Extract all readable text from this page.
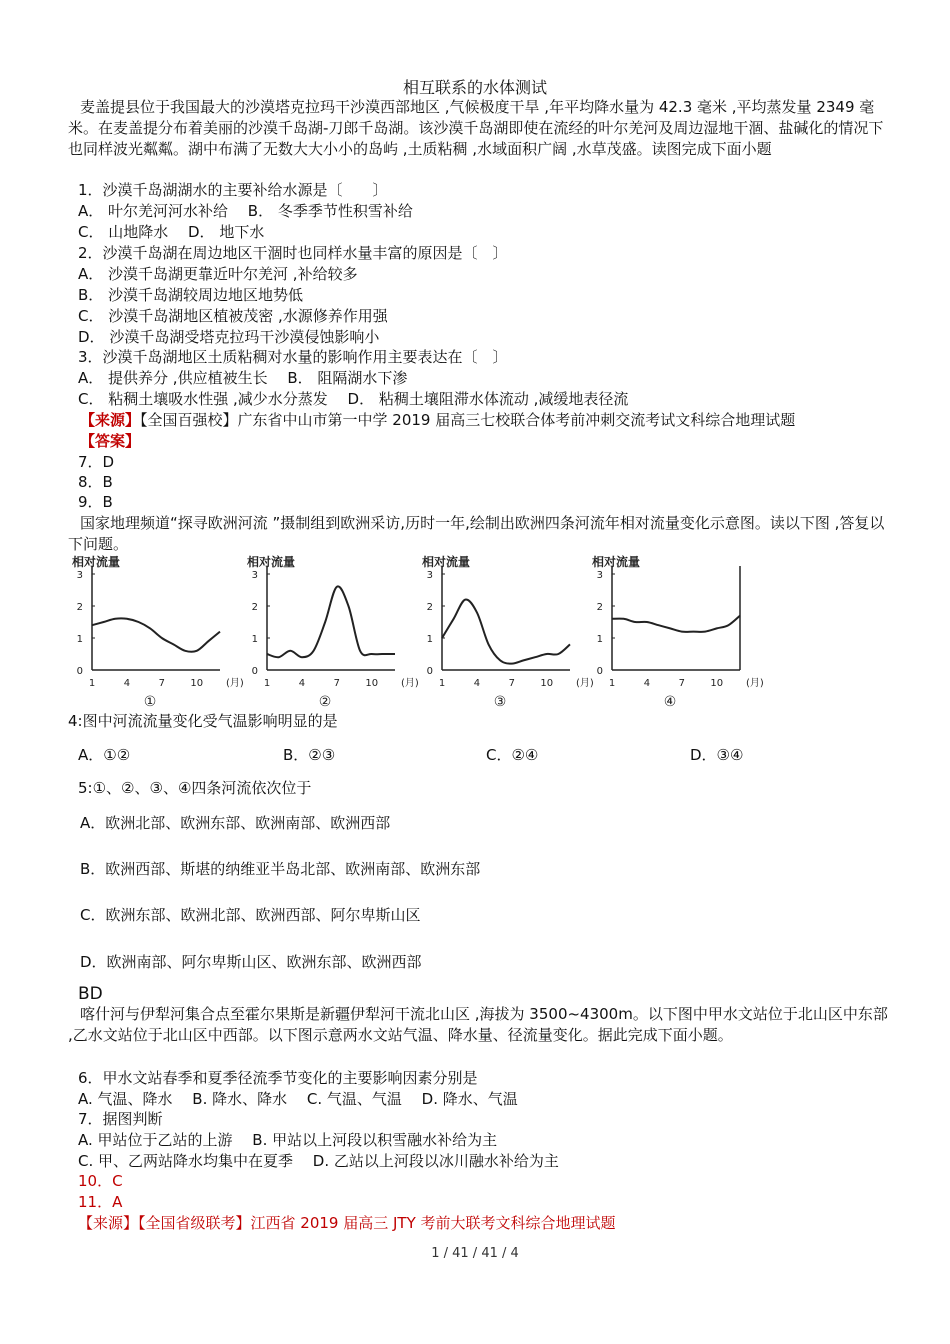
相互联系的水体测试
麦盖提县位于我国最大的沙漠塔克拉玛干沙漠西部地区 ,气候极度干旱 ,年平均降水量为 42.3 毫米 ,平均蒸发量 2349 毫米。在麦盖提分布着美丽的沙漠千岛湖-刀郎千岛湖。该沙漠千岛湖即使在流经的叶尔羌河及周边湿地干涸、盐碱化的情况下也同样波光粼粼。湖中布满了无数大大小小的岛屿 ,土质粘稠 ,水域面积广阔 ,水草茂盛。读图完成下面小题
1．沙漠千岛湖湖水的主要补给水源是〔　　〕
A． 叶尔羌河河水补给　 B． 冬季季节性积雪补给
C． 山地降水　 D． 地下水
2．沙漠千岛湖在周边地区干涸时也同样水量丰富的原因是〔　〕
A． 沙漠千岛湖更靠近叶尔羌河 ,补给较多
B． 沙漠千岛湖较周边地区地势低
C． 沙漠千岛湖地区植被茂密 ,水源修养作用强
D． 沙漠千岛湖受塔克拉玛干沙漠侵蚀影响小
3．沙漠千岛湖地区土质粘稠对水量的影响作用主要表达在〔　〕
A． 提供养分 ,供应植被生长　 B． 阻隔湖水下渗
C． 粘稠土壤吸水性强 ,减少水分蒸发　 D． 粘稠土壤阻滞水体流动 ,减缓地表径流
【来源】【全国百强校】广东省中山市第一中学 2019 届高三七校联合体考前冲刺交流考试文科综合地理试题
【答案】
7．D
8．B
9．B
国家地理频道“探寻欧洲河流 ”摄制组到欧洲采访,历时一年,绘制出欧洲四条河流年相对流量变化示意图。读以下图 ,答复以下问题。
相对流量
0
1
2
3
1	4	7	10 (月)
①
相对流量
0
1
2
3
1	4	7	10 (月)
②
相对流量
0
1
2
3
1	4	7	10 (月)
③
相对流量
0
1
2
3
1	4	7	10 (月)
④
4:图中河流流量变化受气温影响明显的是
A．①②	B．②③	C．②④	D．③④
5:①、②、③、④四条河流依次位于
A．欧洲北部、欧洲东部、欧洲南部、欧洲西部
B．欧洲西部、斯堪的纳维亚半岛北部、欧洲南部、欧洲东部
C．欧洲东部、欧洲北部、欧洲西部、阿尔卑斯山区
D．欧洲南部、阿尔卑斯山区、欧洲东部、欧洲西部
BD
喀什河与伊犁河集合点至霍尔果斯是新疆伊犁河干流北山区 ,海拔为 3500~4300m。以下图中甲水文站位于北山区中东部 ,乙水文站位于北山区中西部。以下图示意两水文站气温、降水量、径流量变化。据此完成下面小题。
6．甲水文站春季和夏季径流季节变化的主要影响因素分别是
A. 气温、降水　 B. 降水、降水　 C. 气温、气温　 D. 降水、气温
7．据图判断
A. 甲站位于乙站的上游　 B. 甲站以上河段以积雪融水补给为主
C. 甲、乙两站降水均集中在夏季　 D. 乙站以上河段以冰川融水补给为主
10．C
11．A
【来源】【全国省级联考】江西省 2019 届高三 JTY 考前大联考文科综合地理试题
1 / 41 / 41 / 4
